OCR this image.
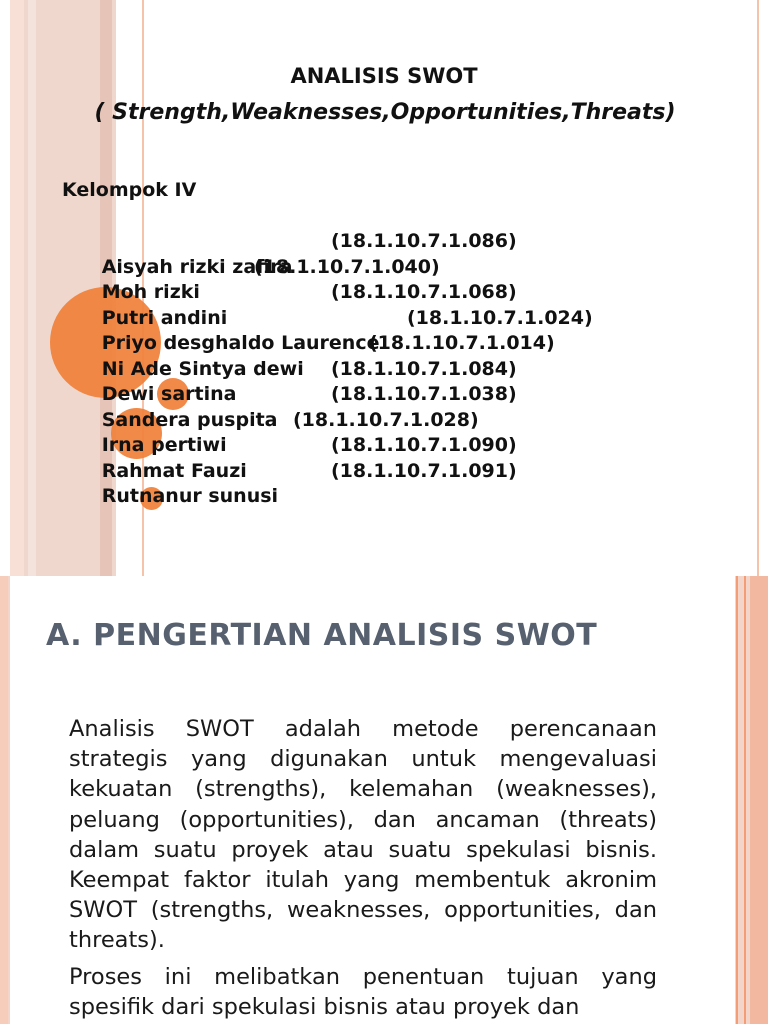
ANALISIS SWOT
( Strength,Weaknesses,Opportunities,Threats)
Kelompok IV

Aisyah rizki zafira

(18.1.10.7.1.086)

Moh rizki

(18.1.10.7.1.040)

Putri andini

(18.1.10.7.1.068)

Priyo desghaldo Laurence

(18.1.10.7.1.024)

Ni Ade Sintya dewi

(18.1.10.7.1.014)

Dewi sartina

(18.1.10.7.1.084)

Sandera puspita

(18.1.10.7.1.038)

Irna pertiwi

(18.1.10.7.1.028)

Rahmat Fauzi

(18.1.10.7.1.090)

Rutnanur sunusi

(18.1.10.7.1.091)

A. PENGERTIAN ANALISIS SWOT

Analisis SWOT adalah metode perencanaan strategis yang digunakan untuk mengevaluasi kekuatan (strengths), kelemahan (weaknesses), peluang (opportunities), dan ancaman (threats) dalam suatu proyek atau suatu spekulasi bisnis. Keempat faktor itulah yang membentuk akronim SWOT (strengths, weaknesses, opportunities, dan threats).

Proses ini melibatkan penentuan tujuan yang spesifik dari spekulasi bisnis atau proyek dan
